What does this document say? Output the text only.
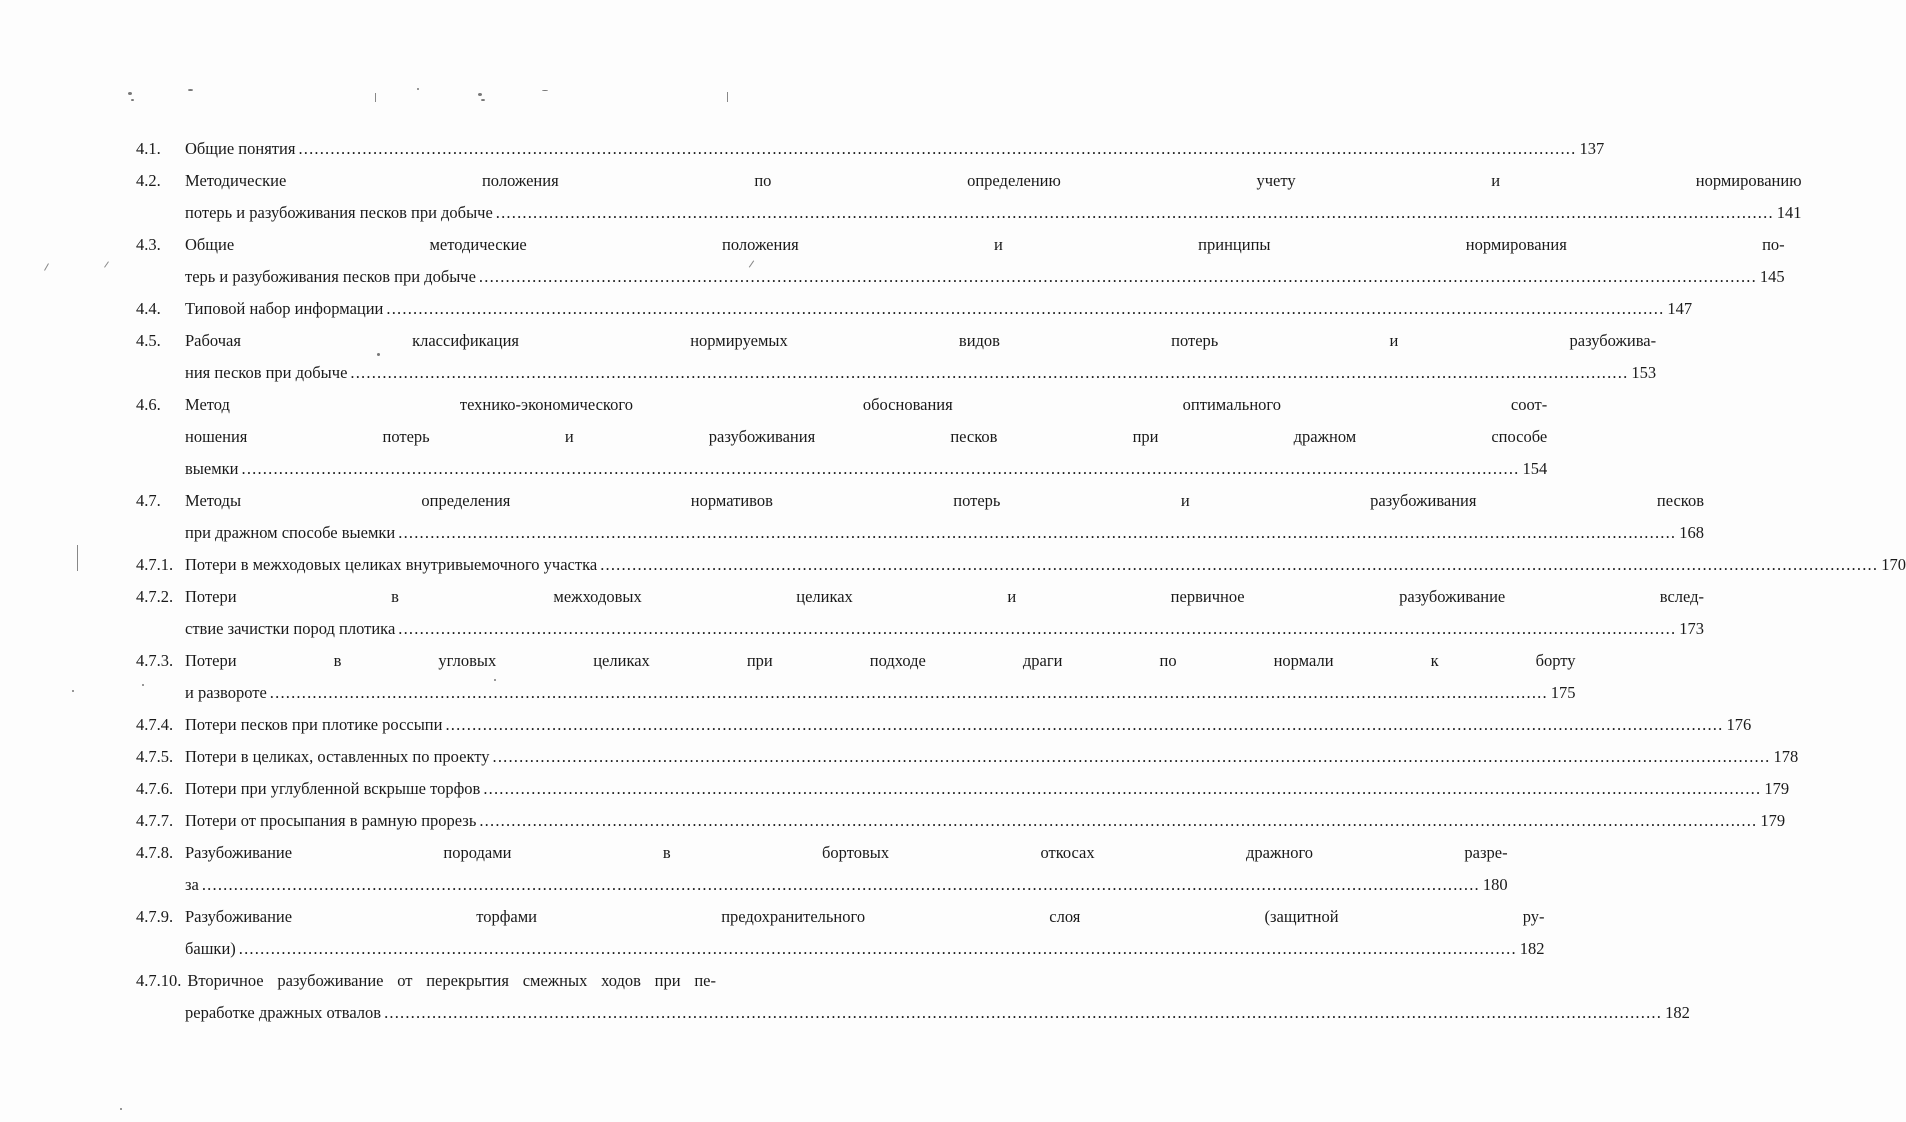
4.1.	Общие понятия .....	137
4.2.	Методические положения по определению учету и нормированию
потерь и разубоживания песков при добыче .....	141
4.3.	Общие методические положения и принципы нормирования по-
терь и разубоживания песков при добыче .....	145
4.4.	Типовой набор информации .....	147
4.5.	Рабочая классификация нормируемых видов потерь и разубожива-
ния песков при добыче .....	153
4.6.	Метод технико-экономического обоснования оптимального соот-
ношения потерь и разубоживания песков при дражном способе
выемки .....	154
4.7.	Методы определения нормативов потерь и разубоживания песков
при дражном способе выемки .....	168
4.7.1. Потери в межходовых целиках внутривыемочного участка .....	170
4.7.2. Потери в межходовых целиках и первичное разубоживание вслед-
ствие зачистки пород плотика .....	173
4.7.3. Потери в угловых целиках при подходе драги по нормали к борту
и развороте .....	175
4.7.4. Потери песков при плотике россыпи .....	176
4.7.5. Потери в целиках, оставленных по проекту .....	178
4.7.6. Потери при углубленной вскрыше торфов .....	179
4.7.7. Потери от просыпания в рамную прорезь .....	179
4.7.8. Разубоживание породами в бортовых откосах дражного разре-
за .....	180
4.7.9. Разубоживание торфами предохранительного слоя (защитной ру-
башки) .....	182
4.7.10. Вторичное разубоживание от перекрытия смежных ходов при пе-
реработке дражных отвалов .....	182
